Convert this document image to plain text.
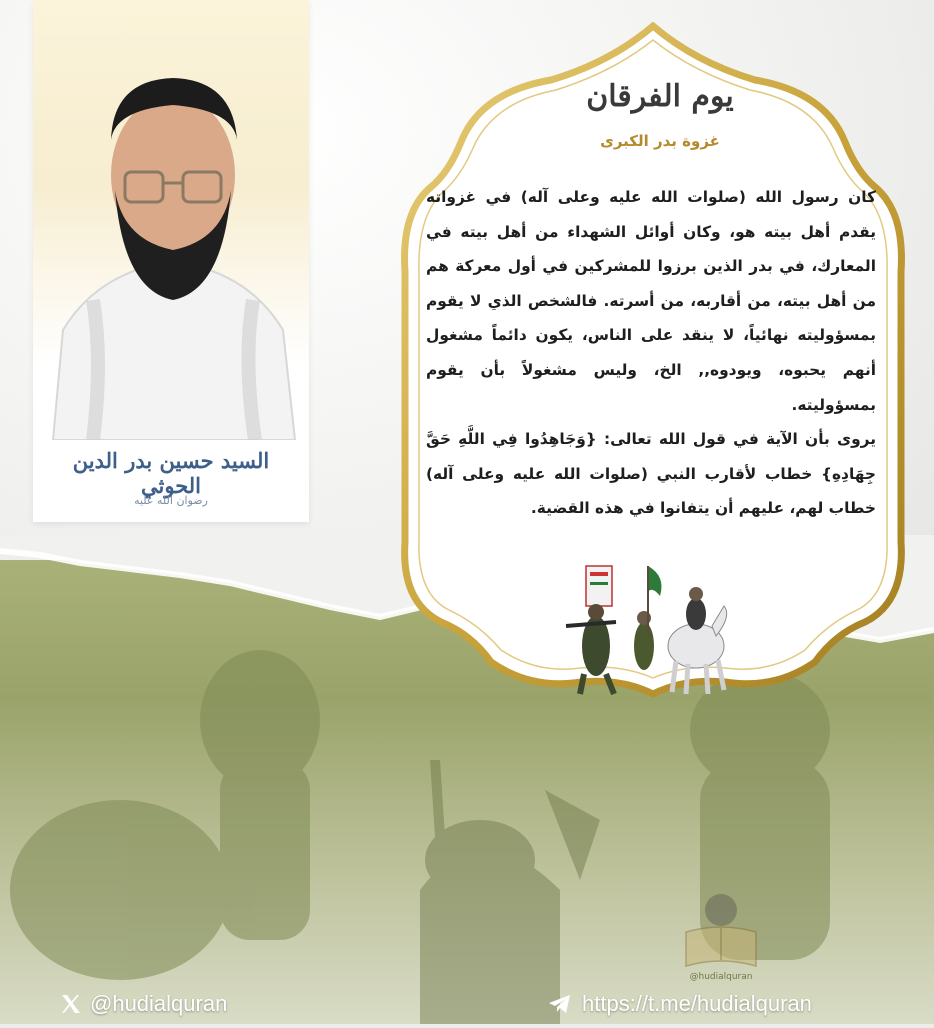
السيد حسين بدر الدين الحوثي
رضوان الله عليه
يوم الفرقان
غزوة بدر الكبرى

كان رسول الله (صلوات الله عليه وعلى آله) في غزواته يقدم أهل بيته هو، وكان أوائل الشهداء من أهل بيته في المعارك، في بدر الذين برزوا للمشركين في أول معركة هم من أهل بيته، من أقاربه، من أسرته. فالشخص الذي لا يقوم بمسؤوليته نهائياً، لا ينقد على الناس، يكون دائماً مشغول أنهم يحبوه، ويودوه,, الخ، وليس مشغولاً بأن يقوم بمسؤوليته.

يروى بأن الآية في قول الله تعالى: {وَجَاهِدُوا فِي اللَّهِ حَقَّ جِهَادِهِ} خطاب لأقارب النبي (صلوات الله عليه وعلى آله) خطاب لهم، عليهم أن يتفانوا في هذه القضية.

@hudialquran
@hudialquran	https://t.me/hudialquran
